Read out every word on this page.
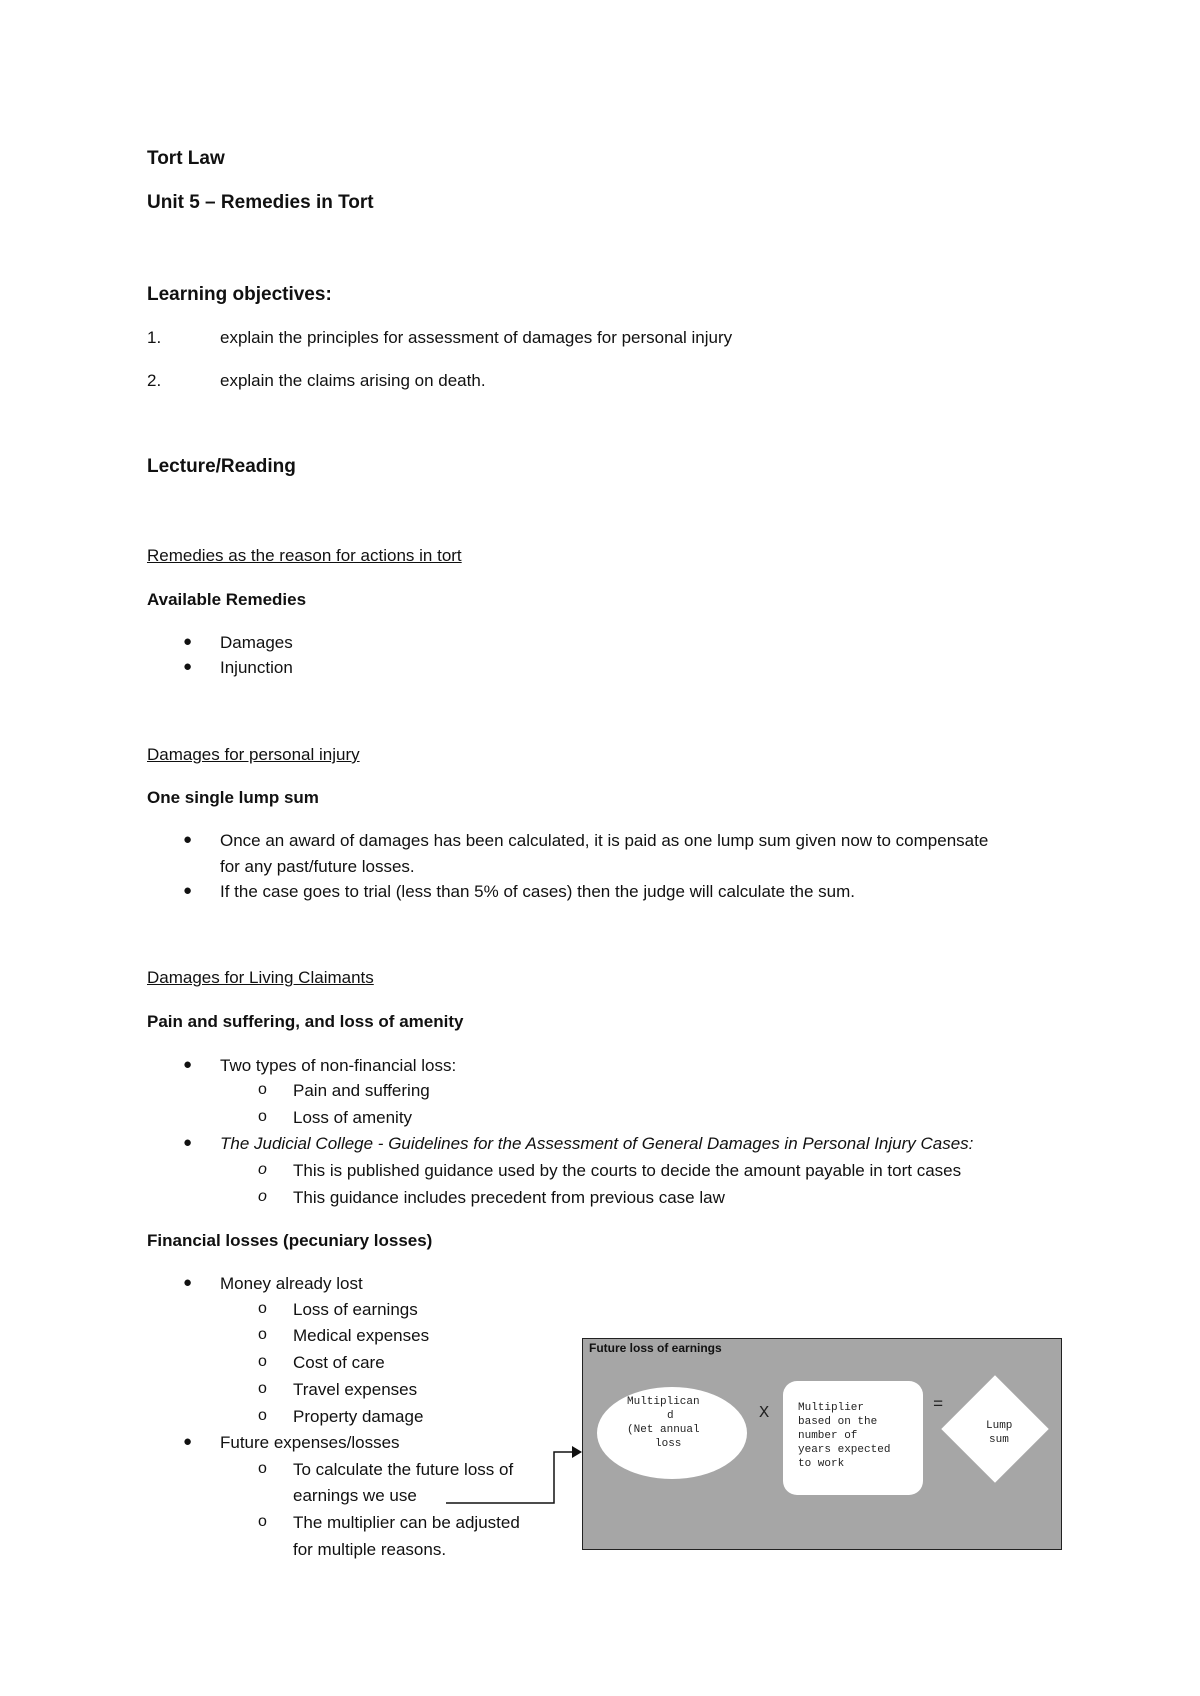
Tort Law
Unit 5 – Remedies in Tort
Learning objectives:
1.	explain the principles for assessment of damages for personal injury
2.	explain the claims arising on death.
Lecture/Reading
Remedies as the reason for actions in tort
Available Remedies
● Damages
● Injunction
Damages for personal injury
One single lump sum
● Once an award of damages has been calculated, it is paid as one lump sum given now to compensate
for any past/future losses.
● If the case goes to trial (less than 5% of cases) then the judge will calculate the sum.
Damages for Living Claimants
Pain and suffering, and loss of amenity
● Two types of non-financial loss:
o Pain and suffering
o Loss of amenity
● The Judicial College - Guidelines for the Assessment of General Damages in Personal Injury Cases:
o This is published guidance used by the courts to decide the amount payable in tort cases
o This guidance includes precedent from previous case law
Financial losses (pecuniary losses)
● Money already lost
o Loss of earnings
o Medical expenses
o Cost of care
o Travel expenses
o Property damage
● Future expenses/losses
o To calculate the future loss of
earnings we use
o The multiplier can be adjusted
for multiple reasons.
Future loss of earnings
Multiplican
d
(Net annual
loss
X	Multiplier
based on the
number of
years expected
to work
=
Lump
sum
